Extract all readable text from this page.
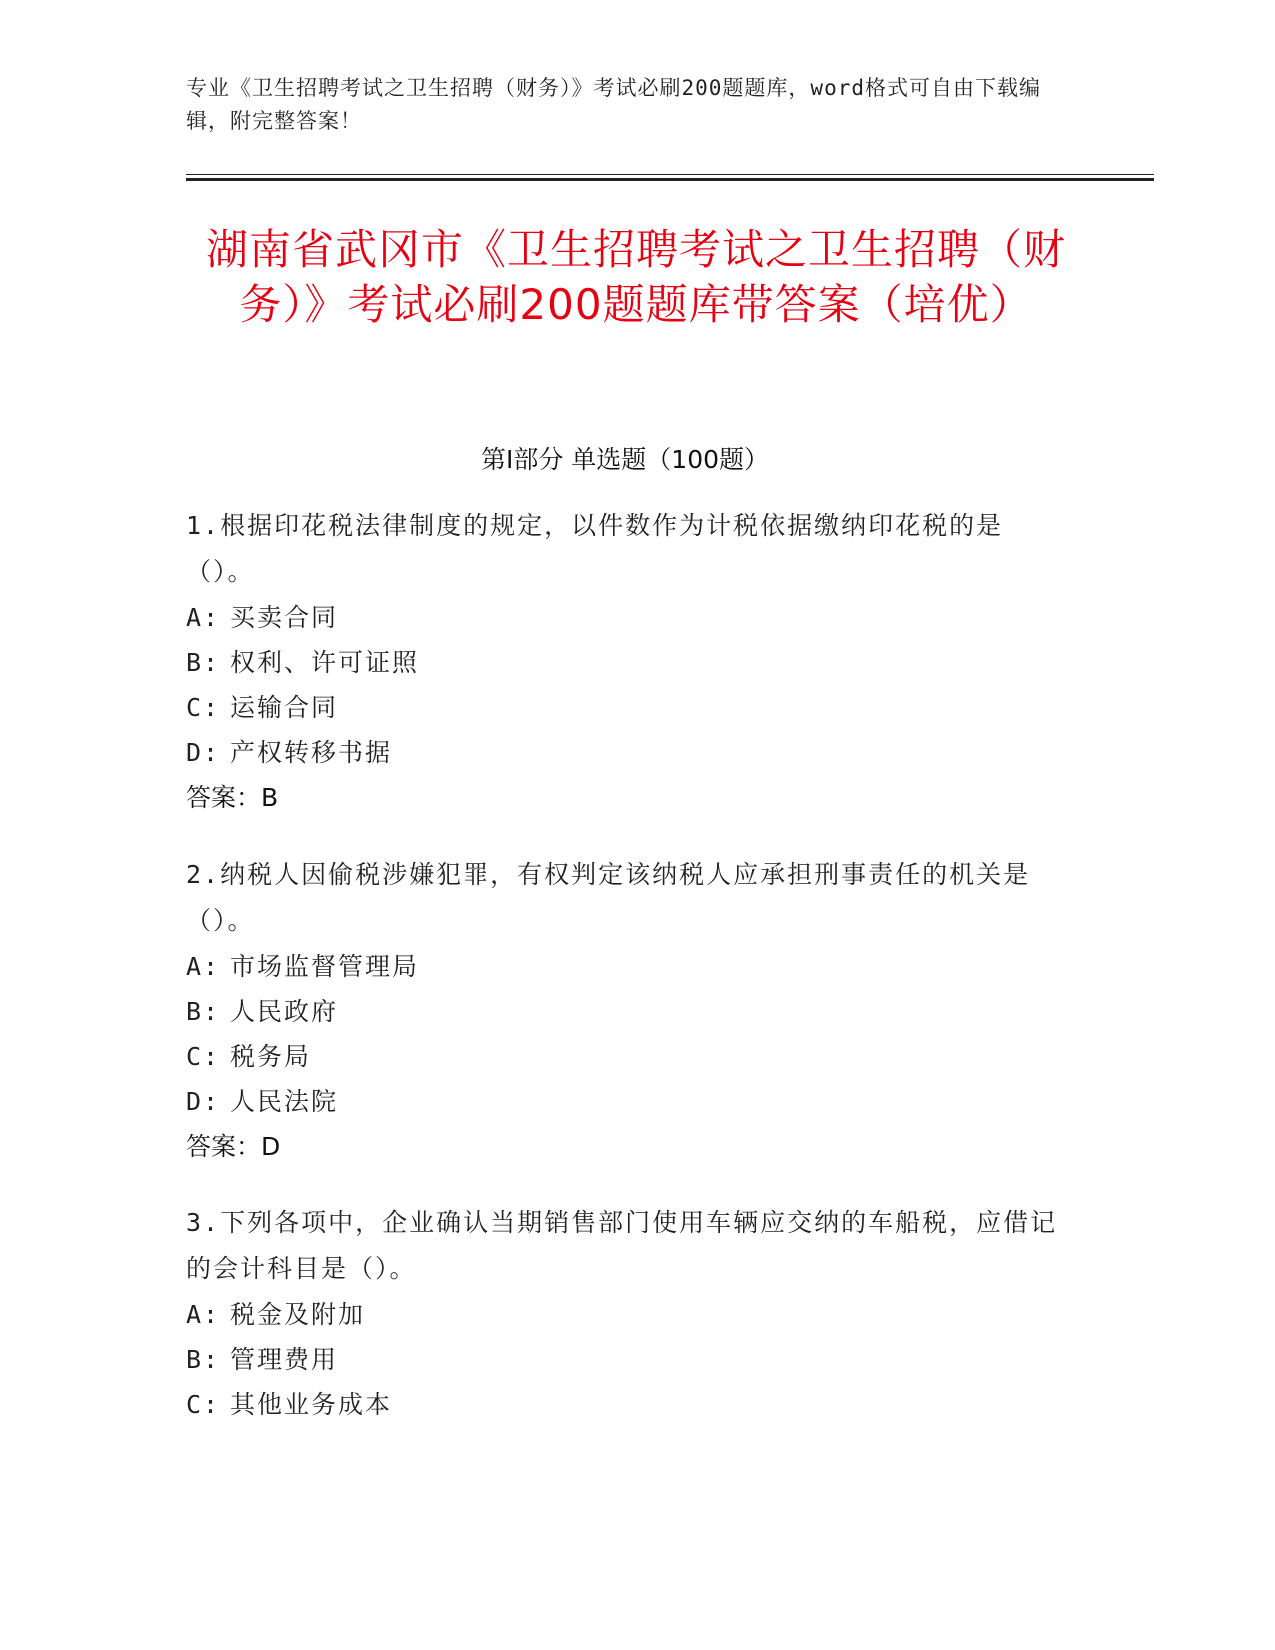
专业《卫生招聘考试之卫生招聘（财务）》考试必刷200题题库，word格式可自由下载编辑，附完整答案！

湖南省武冈市《卫生招聘考试之卫生招聘（财务）》考试必刷200题题库带答案（培优）
第I部分 单选题（100题）

1.根据印花税法律制度的规定，以件数作为计税依据缴纳印花税的是（）。

A: 买卖合同
B: 权利、许可证照
C: 运输合同
D: 产权转移书据

答案：B

2.纳税人因偷税涉嫌犯罪，有权判定该纳税人应承担刑事责任的机关是（）。

A: 市场监督管理局
B: 人民政府
C: 税务局
D: 人民法院

答案：D

3.下列各项中，企业确认当期销售部门使用车辆应交纳的车船税，应借记的会计科目是（）。

A: 税金及附加
B: 管理费用
C: 其他业务成本
